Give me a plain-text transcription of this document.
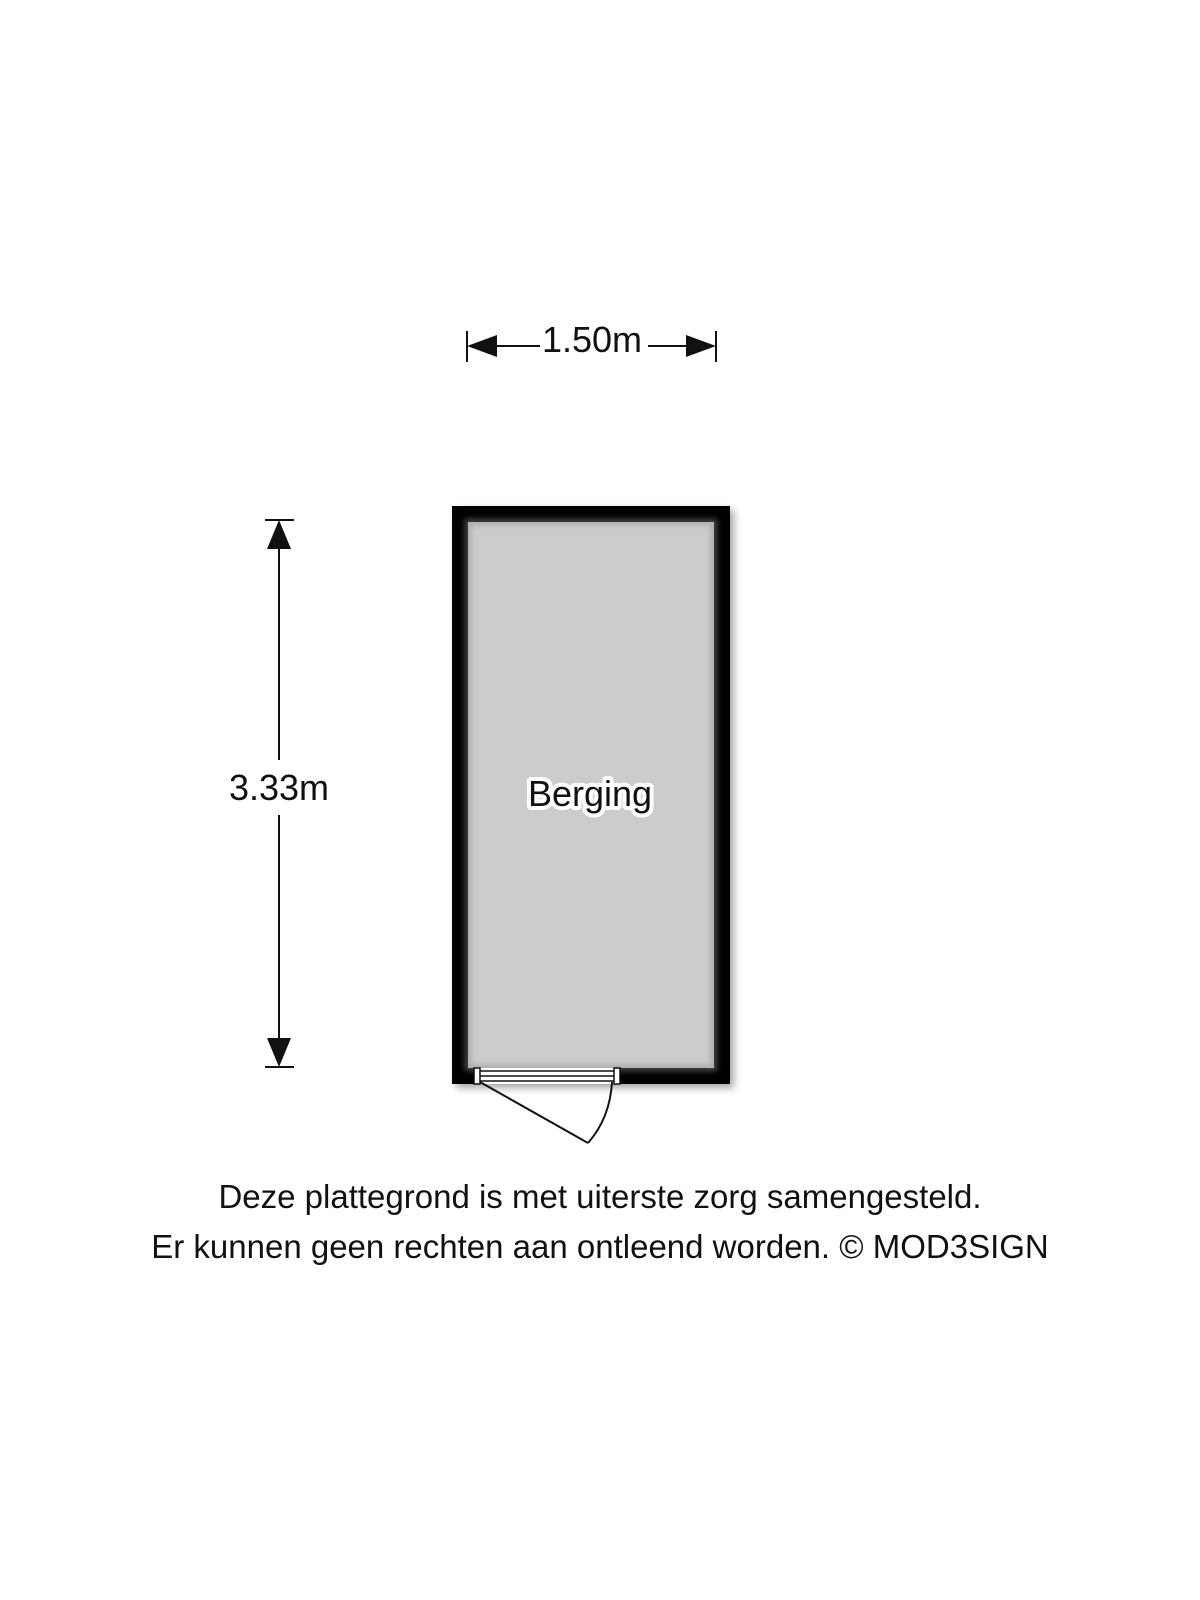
1.50m
3.33m	Berging
Deze plattegrond is met uiterste zorg samengesteld.
Er kunnen geen rechten aan ontleend worden. © MOD3SIGN
